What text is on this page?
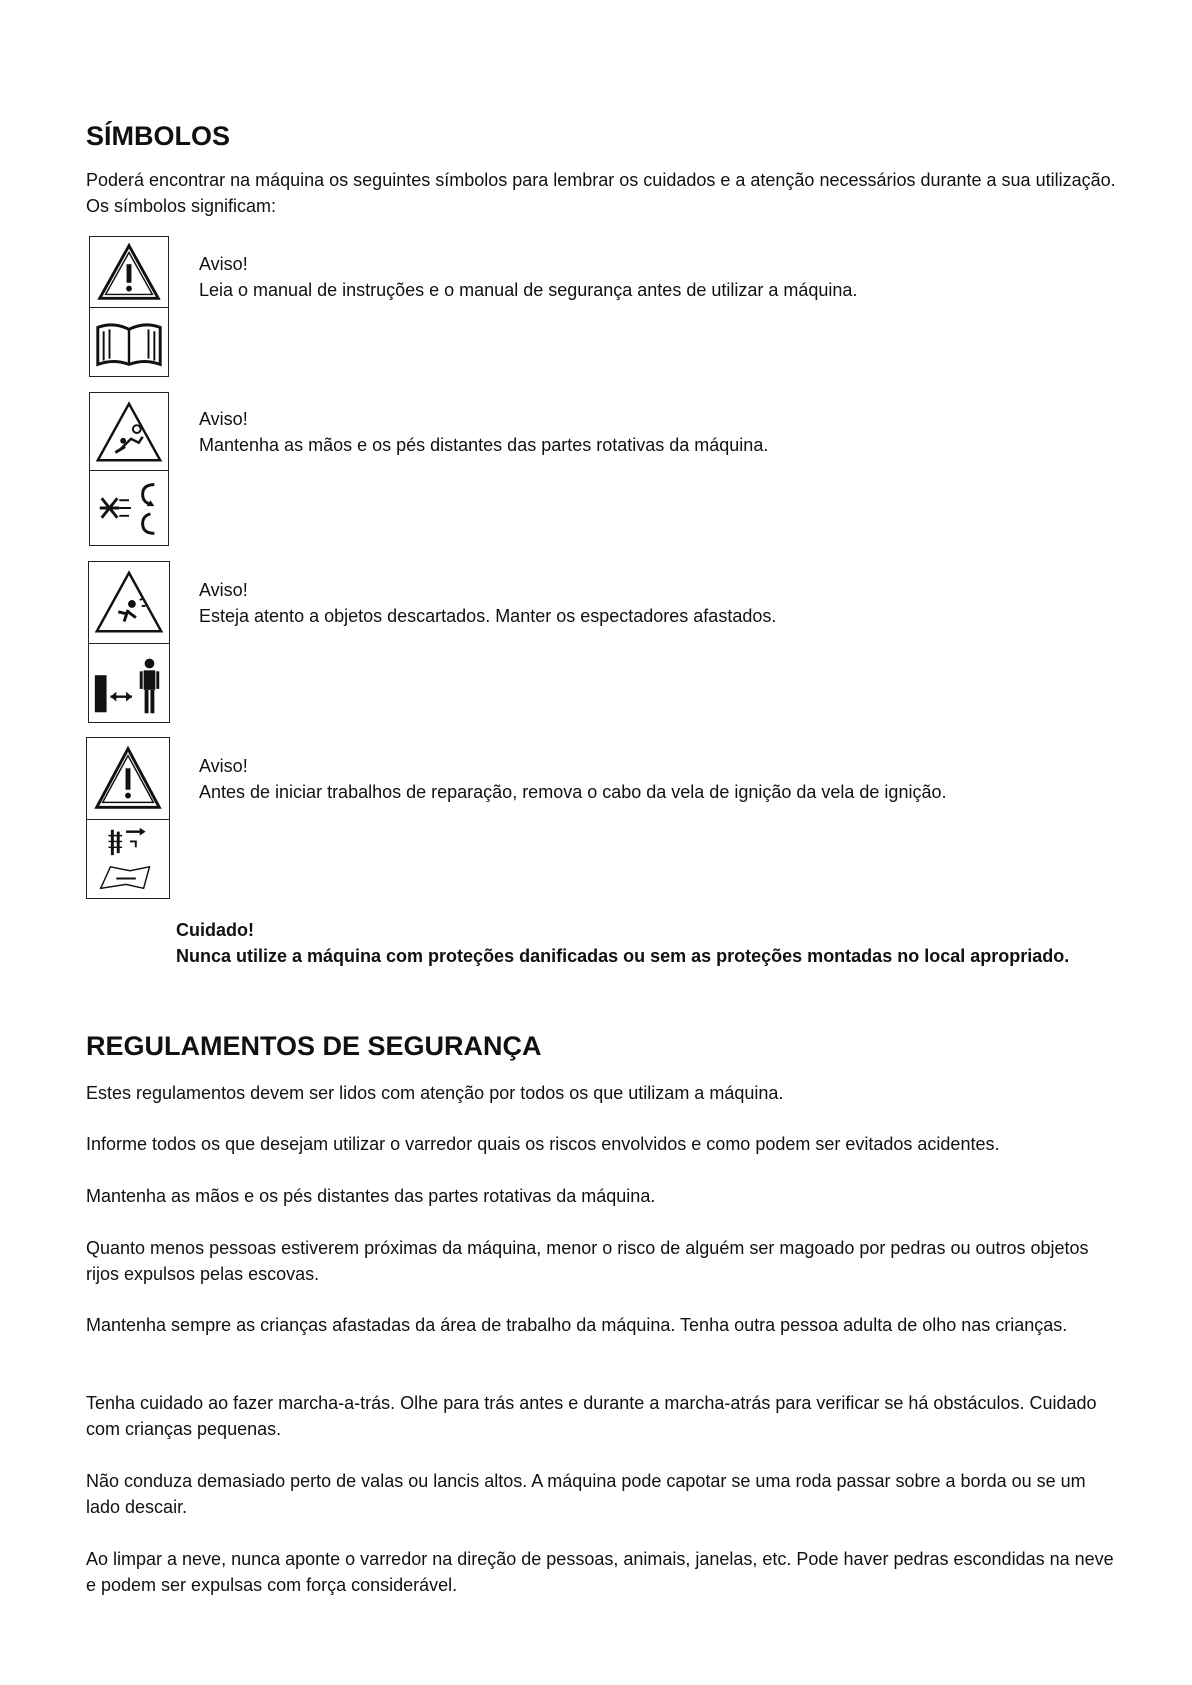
SÍMBOLOS

Poderá encontrar na máquina os seguintes símbolos para lembrar os cuidados e a atenção necessários durante a sua utilização. Os símbolos significam:

Aviso!
Leia o manual de instruções e o manual de segurança antes de utilizar a máquina.
Aviso!
Mantenha as mãos e os pés distantes das partes rotativas da máquina.
Aviso!
Esteja atento a objetos descartados. Manter os espectadores afastados.
Aviso!
Antes de iniciar trabalhos de reparação, remova o cabo da vela de ignição da vela de ignição.
Cuidado!
Nunca utilize a máquina com proteções danificadas ou sem as proteções montadas no local apropriado.
REGULAMENTOS DE SEGURANÇA

Estes regulamentos devem ser lidos com atenção por todos os que utilizam a máquina.

Informe todos os que desejam utilizar o varredor quais os riscos envolvidos e como podem ser evitados acidentes.

Mantenha as mãos e os pés distantes das partes rotativas da máquina.

Quanto menos pessoas estiverem próximas da máquina, menor o risco de alguém ser magoado por pedras ou outros objetos rijos expulsos pelas escovas.

Mantenha sempre as crianças afastadas da área de trabalho da máquina. Tenha outra pessoa adulta de olho nas crianças.

Tenha cuidado ao fazer marcha-a-trás. Olhe para trás antes e durante a marcha-atrás para verificar se há obstáculos. Cuidado com crianças pequenas.

Não conduza demasiado perto de valas ou lancis altos. A máquina pode capotar se uma roda passar sobre a borda ou se um lado descair.

Ao limpar a neve, nunca aponte o varredor na direção de pessoas, animais, janelas, etc. Pode haver pedras escondidas na neve e podem ser expulsas com força considerável.
